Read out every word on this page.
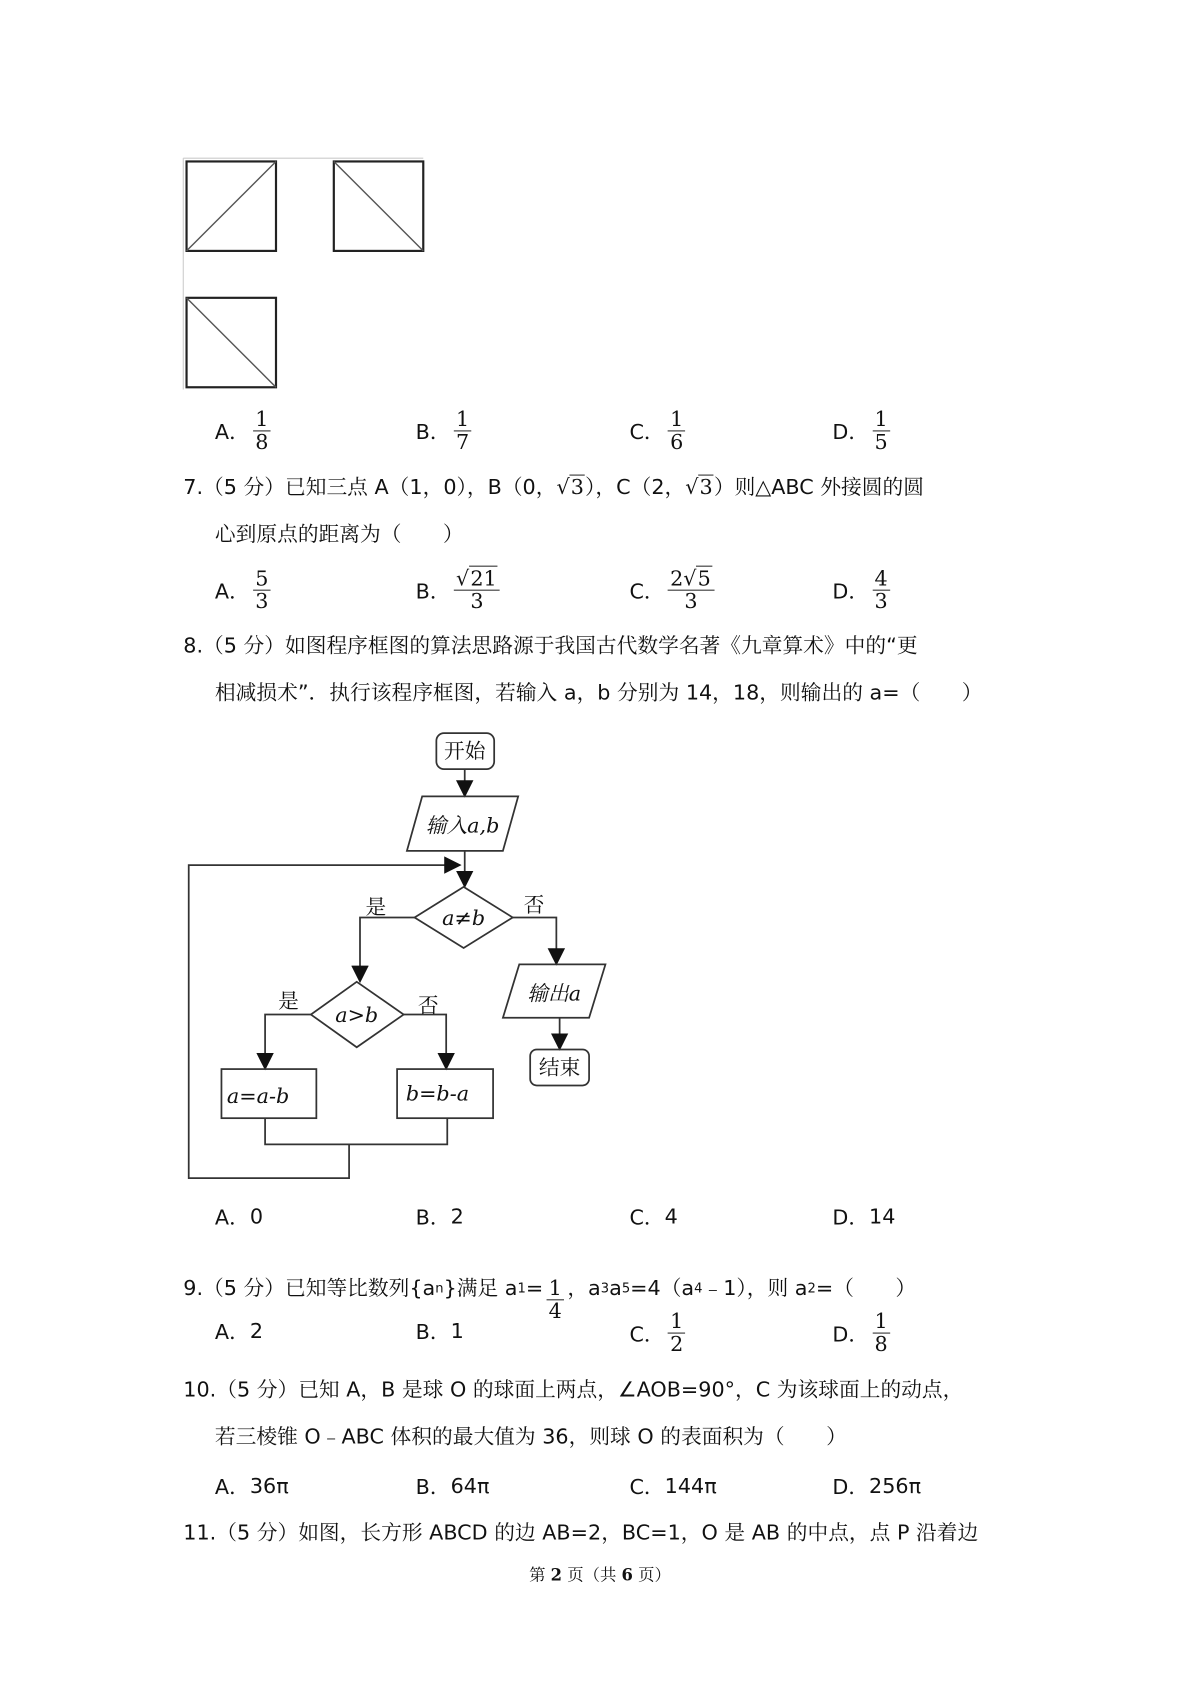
A． $\frac{1}{8}$	B． $\frac{1}{7}$	C． $\frac{1}{6}$	D． $\frac{1}{5}$
7.（5 分）已知三点 A（1，0），B（0，√3），C（2，√3）则△ABC 外接圆的圆
心到原点的距离为（　　）
A． $\frac{5}{3}$	B． $\frac{√21}{3}$	C． $\frac{2√5}{3}$	D． $\frac{4}{3}$
8.（5 分）如图程序框图的算法思路源于我国古代数学名著《九章算术》中的“更
相减损术”．执行该程序框图，若输入 a，b 分别为 14，18，则输出的 a=（　　）
开始
输入a,b
a≠b
是	否
a>b
是	否
a=a-b	b=b-a
输出a
结束
A． 0	B． 2	C． 4	D． 14
9.（5 分）已知等比数列{a n }满足 a $1 = \frac{1}{4}$ ，a 3 a 5 =4（a 4 ﹣1），则 a 2 =（　　）
A． 2	B． 1	C． $\frac{1}{2}$	D． $\frac{1}{8}$
10.（5 分）已知 A，B 是球 O 的球面上两点，∠AOB=90°，C 为该球面上的动点，
若三棱锥 O﹣ABC 体积的最大值为 36，则球 O 的表面积为（　　）
A． 36π	B． 64π	C． 144π	D． 256π
11.（5 分）如图，长方形 ABCD 的边 AB=2，BC=1，O 是 AB 的中点，点 P 沿着边
第 2 页（共 6 页）
